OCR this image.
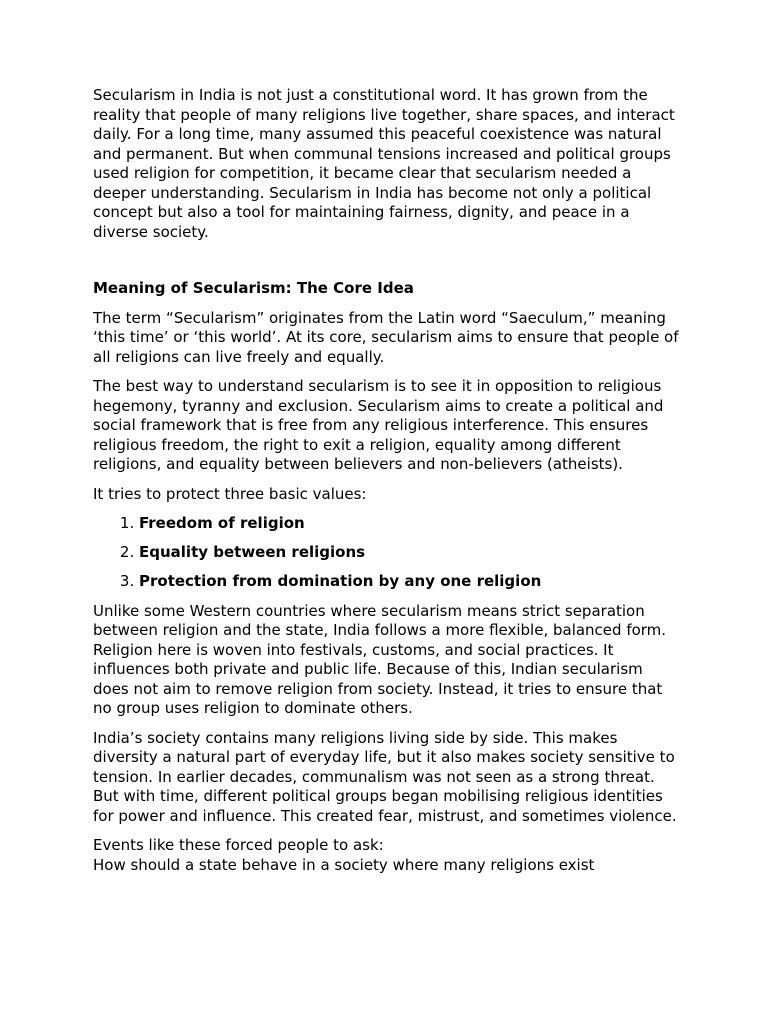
Secularism in India is not just a constitutional word. It has grown from the reality that people of many religions live together, share spaces, and interact daily. For a long time, many assumed this peaceful coexistence was natural and permanent. But when communal tensions increased and political groups used religion for competition, it became clear that secularism needed a deeper understanding. Secularism in India has become not only a political concept but also a tool for maintaining fairness, dignity, and peace in a diverse society.

Meaning of Secularism: The Core Idea

The term “Secularism” originates from the Latin word “Saeculum,” meaning ‘this time’ or ‘this world’. At its core, secularism aims to ensure that people of all religions can live freely and equally.

The best way to understand secularism is to see it in opposition to religious hegemony, tyranny and exclusion. Secularism aims to create a political and social framework that is free from any religious interference. This ensures religious freedom, the right to exit a religion, equality among different religions, and equality between believers and non-believers (atheists).

It tries to protect three basic values:

1. Freedom of religion
2. Equality between religions
3. Protection from domination by any one religion

Unlike some Western countries where secularism means strict separation between religion and the state, India follows a more flexible, balanced form. Religion here is woven into festivals, customs, and social practices. It influences both private and public life. Because of this, Indian secularism does not aim to remove religion from society. Instead, it tries to ensure that no group uses religion to dominate others.

India’s society contains many religions living side by side. This makes diversity a natural part of everyday life, but it also makes society sensitive to tension. In earlier decades, communalism was not seen as a strong threat. But with time, different political groups began mobilising religious identities for power and influence. This created fear, mistrust, and sometimes violence.

Events like these forced people to ask:
How should a state behave in a society where many religions exist
